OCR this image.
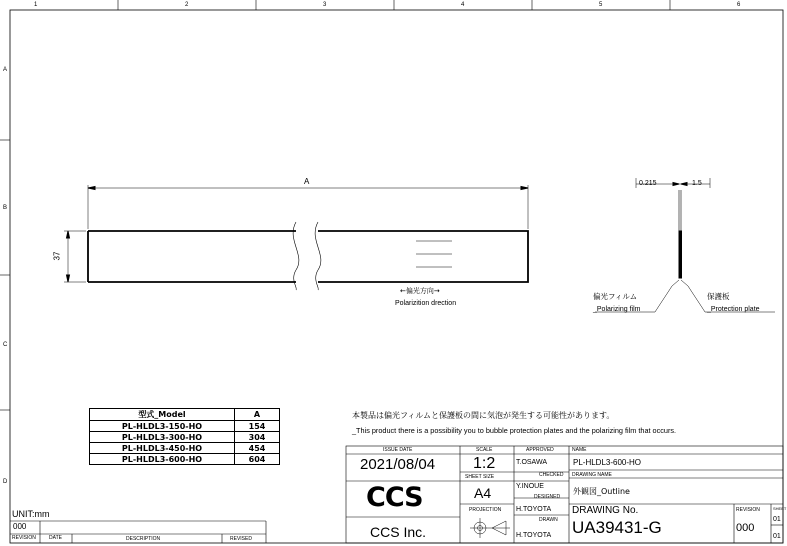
1	2	3	4	5	6
A
B
C
D
A
37
0.215	1.5
←偏光方向→
Polarizition drection
偏光フィルム
_Polarizing film
保護板
_Protection plate
型式_Model	A
PL-HLDL3-150-HO	154
PL-HLDL3-300-HO	304
PL-HLDL3-450-HO	454
PL-HLDL3-600-HO	604
本製品は偏光フィルムと保護板の間に気泡が発生する可能性があります。
_This product there is a possibility you to bubble protection plates and the polarizing film that occurs.
UNIT:mm
000
REVISION	DATE	DESCRIPTION	REVISED
ISSUE DATE
2021/08/04
SCALE
1:2
SHEET SIZE
A4
PROJECTION
APPROVED
T.OSAWA
CHECKED
Y.INOUE
DESIGNED
H.TOYOTA
DRAWN
H.TOYOTA
NAME
PL-HLDL3-600-HO
DRAWING NAME
外観図_Outline
DRAWING No.
UA39431-G
REVISION
000
SHEET
01
01
CCS
CCS Inc.
